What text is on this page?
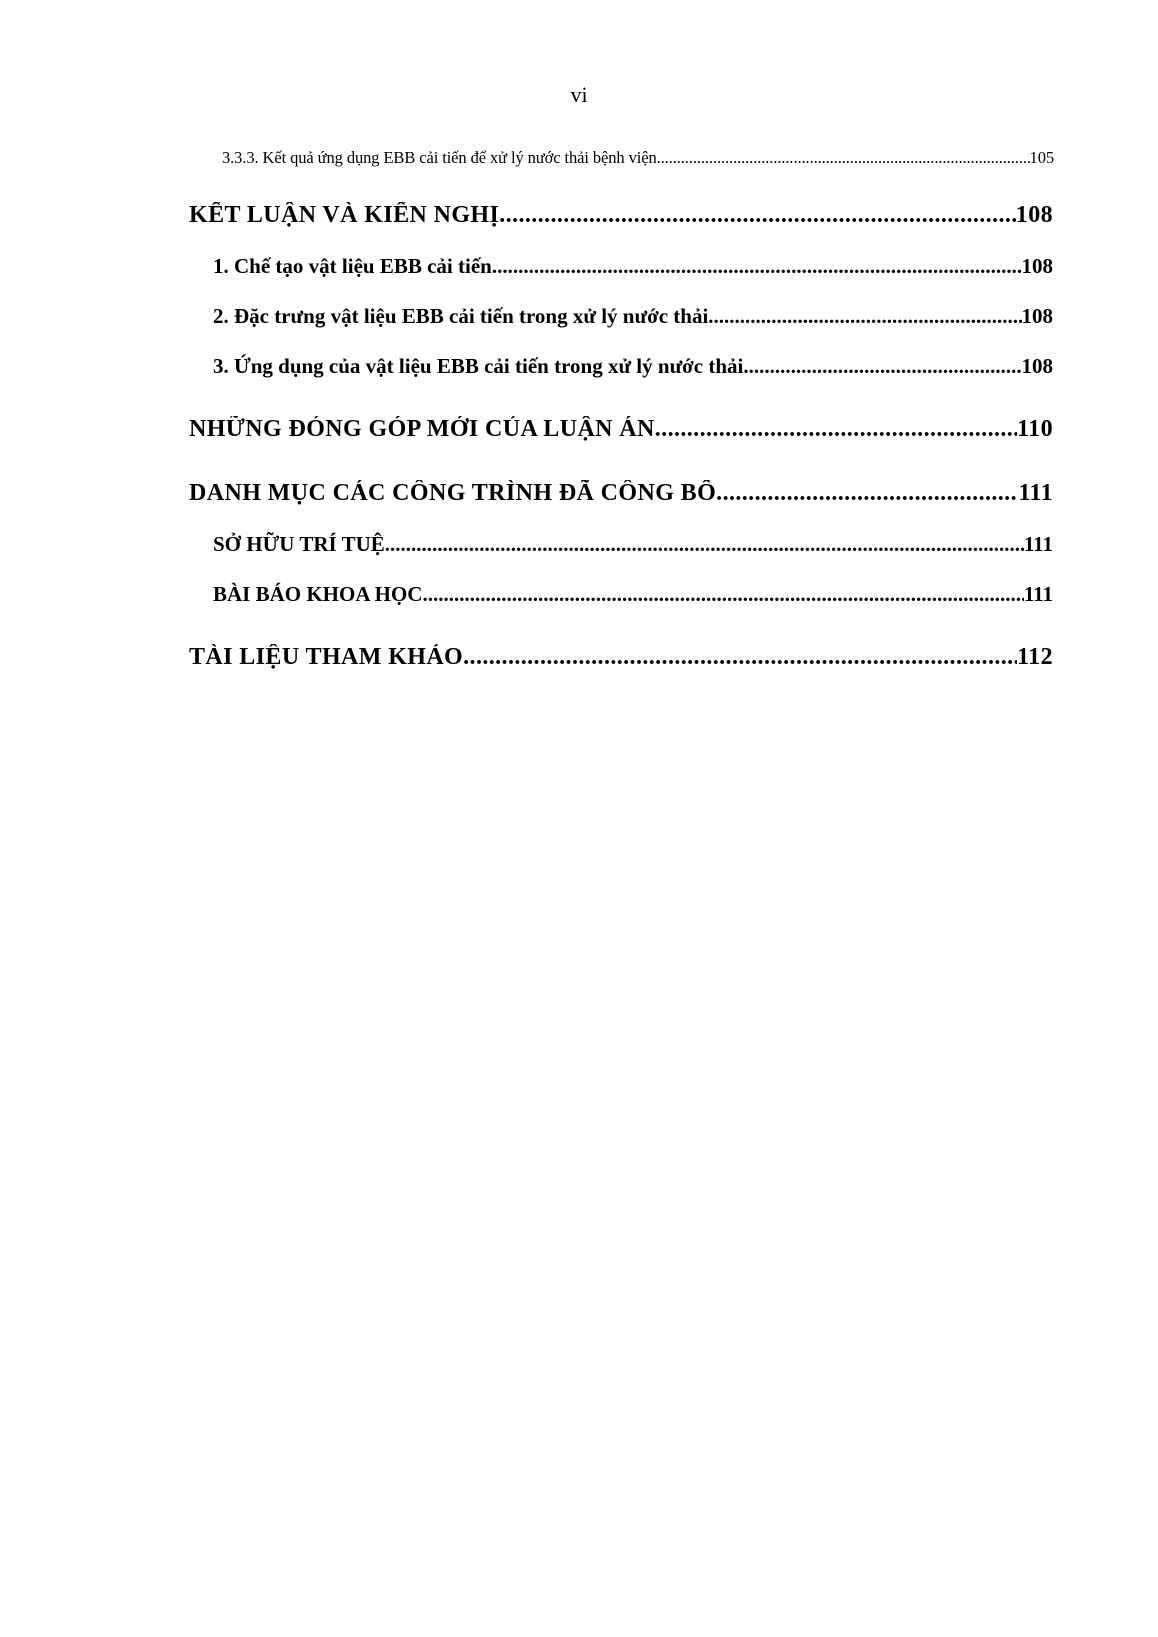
vi
3.3.3. Kết quả ứng dụng EBB cải tiến để xử lý nước thải bệnh viện .....	105
KẾT LUẬN VÀ KIẾN NGHỊ .....	108
1. Chế tạo vật liệu EBB cải tiến .....	108
2. Đặc trưng vật liệu EBB cải tiến trong xử lý nước thải .....	108
3. Ứng dụng của vật liệu EBB cải tiến trong xử lý nước thải .....	108
NHỮNG ĐÓNG GÓP MỚI CỦA LUẬN ÁN .....	110
DANH MỤC CÁC CÔNG TRÌNH ĐÃ CÔNG BỐ .....	111
SỞ HỮU TRÍ TUỆ .....	111
BÀI BÁO KHOA HỌC .....	111
TÀI LIỆU THAM KHẢO .....	112
